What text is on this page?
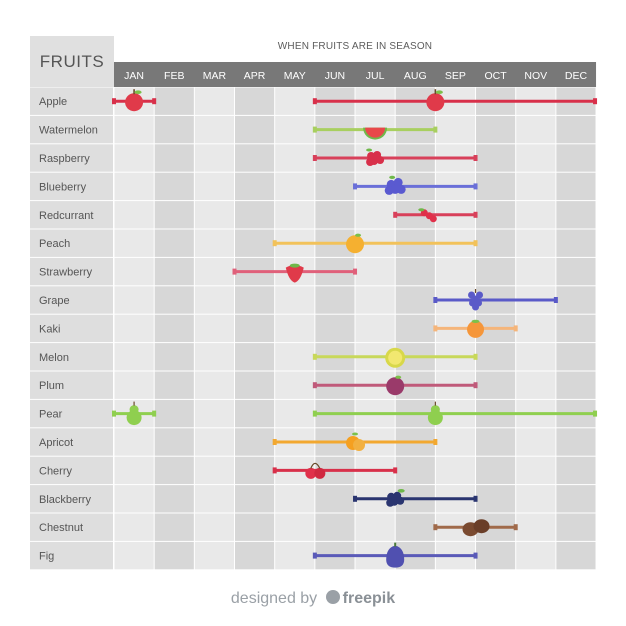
JAN FEB MAR APR MAY JUN JUL AUG SEP OCT NOV DEC
Apple
Watermelon
Raspberry
Blueberry
Redcurrant
Peach
Strawberry
Grape
Kaki
Melon
Plum
Pear
Apricot
Cherry
Blackberry
Chestnut
Fig
FRUITS
WHEN FRUITS ARE IN SEASON
designed by freepik
